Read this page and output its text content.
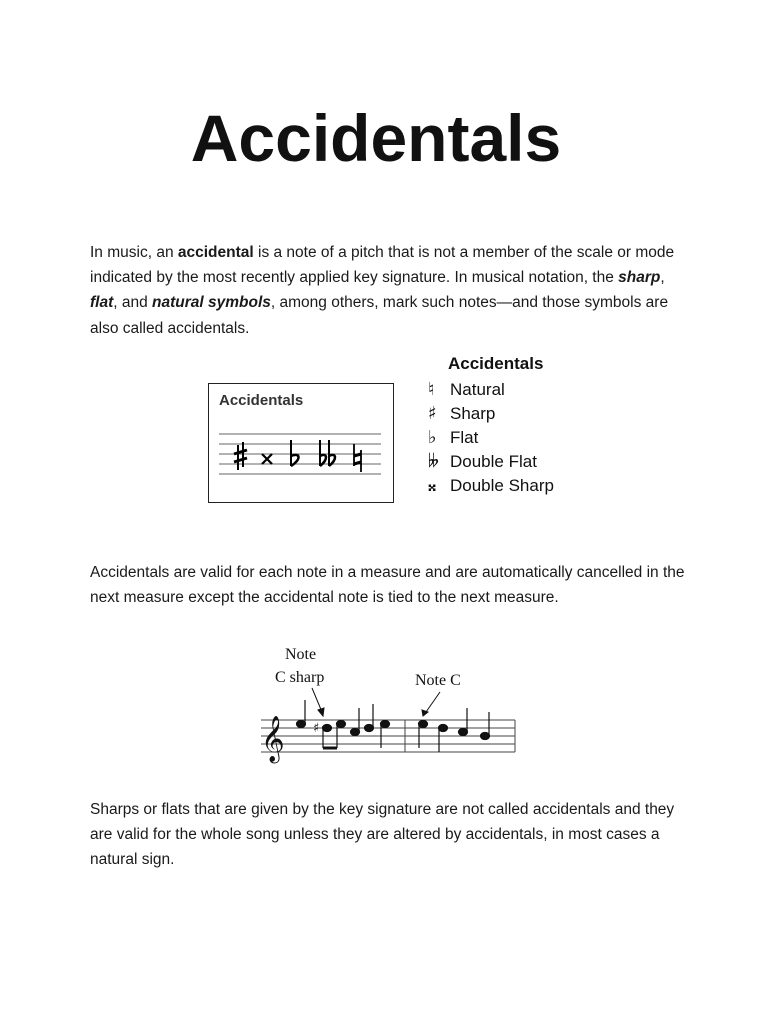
Accidentals

In music, an accidental is a note of a pitch that is not a member of the scale or mode indicated by the most recently applied key signature. In musical notation, the sharp, flat, and natural symbols, among others, mark such notes—and those symbols are also called accidentals.

Accidentals
Accidentals
♮ Natural
♯ Sharp
♭ Flat
𝄫 Double Flat
𝄪 Double Sharp

Accidentals are valid for each note in a measure and are automatically cancelled in the next measure except the accidental note is tied to the next measure.

Note
C sharp	Note C
𝄞 ♯

Sharps or flats that are given by the key signature are not called accidentals and they are valid for the whole song unless they are altered by accidentals, in most cases a natural sign.
